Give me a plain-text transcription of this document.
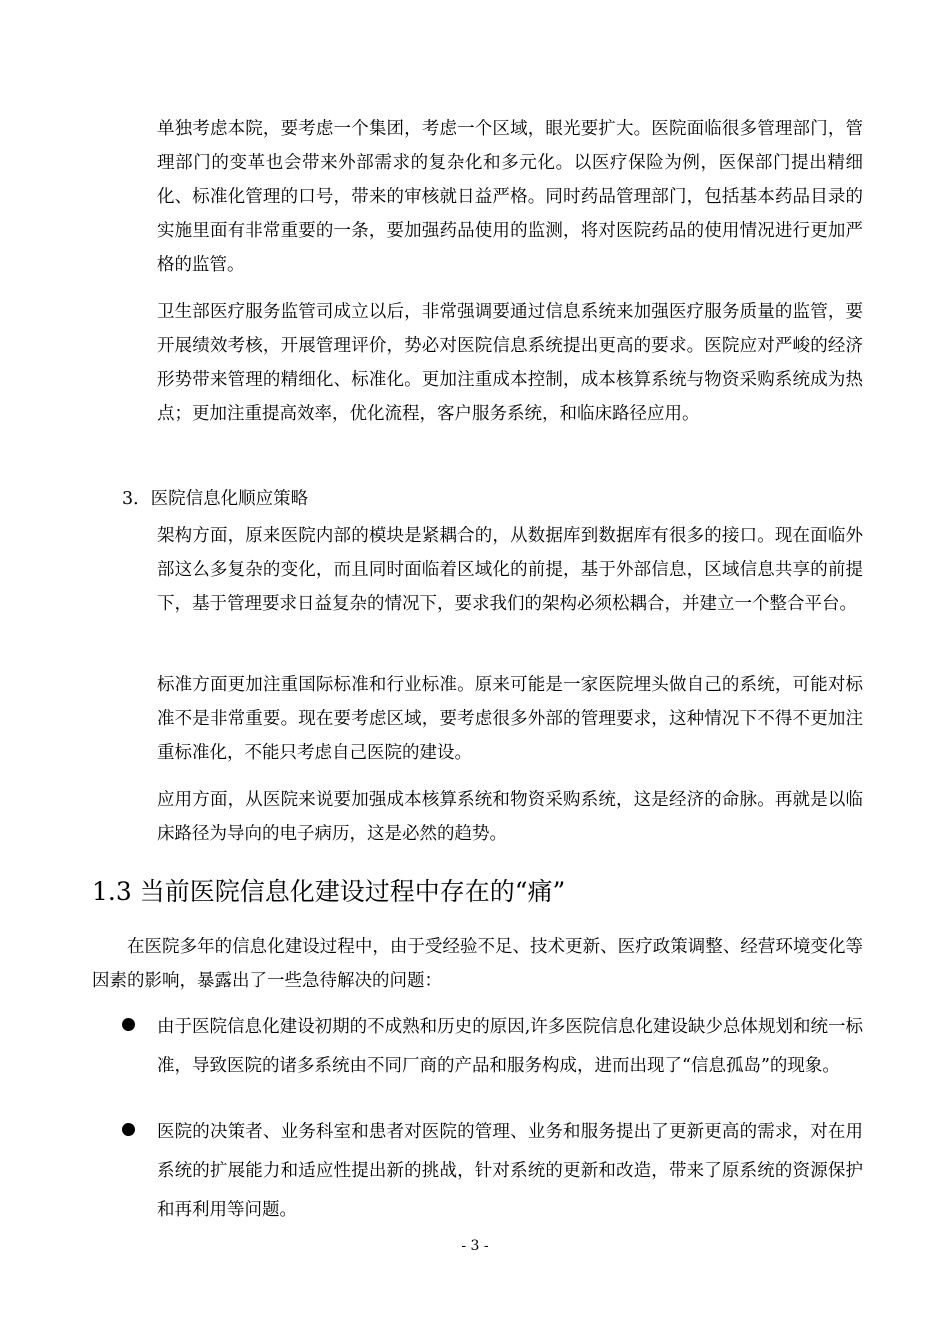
单独考虑本院，要考虑一个集团，考虑一个区域，眼光要扩大。医院面临很多管理部门，管理部门的变革也会带来外部需求的复杂化和多元化。以医疗保险为例，医保部门提出精细化、标准化管理的口号，带来的审核就日益严格。同时药品管理部门，包括基本药品目录的实施里面有非常重要的一条，要加强药品使用的监测，将对医院药品的使用情况进行更加严格的监管。

卫生部医疗服务监管司成立以后，非常强调要通过信息系统来加强医疗服务质量的监管，要开展绩效考核，开展管理评价，势必对医院信息系统提出更高的要求。医院应对严峻的经济形势带来管理的精细化、标准化。更加注重成本控制，成本核算系统与物资采购系统成为热点；更加注重提高效率，优化流程，客户服务系统，和临床路径应用。

3．医院信息化顺应策略

架构方面，原来医院内部的模块是紧耦合的，从数据库到数据库有很多的接口。现在面临外部这么多复杂的变化，而且同时面临着区域化的前提，基于外部信息，区域信息共享的前提下，基于管理要求日益复杂的情况下，要求我们的架构必须松耦合，并建立一个整合平台。

标准方面更加注重国际标准和行业标准。原来可能是一家医院埋头做自己的系统，可能对标准不是非常重要。现在要考虑区域，要考虑很多外部的管理要求，这种情况下不得不更加注重标准化，不能只考虑自己医院的建设。

应用方面，从医院来说要加强成本核算系统和物资采购系统，这是经济的命脉。再就是以临床路径为导向的电子病历，这是必然的趋势。

1.3 当前医院信息化建设过程中存在的“痛”

在医院多年的信息化建设过程中，由于受经验不足、技术更新、医疗政策调整、经营环境变化等因素的影响，暴露出了一些急待解决的问题：

由于医院信息化建设初期的不成熟和历史的原因,许多医院信息化建设缺少总体规划和统一标准，导致医院的诸多系统由不同厂商的产品和服务构成，进而出现了“信息孤岛”的现象。

医院的决策者、业务科室和患者对医院的管理、业务和服务提出了更新更高的需求，对在用系统的扩展能力和适应性提出新的挑战，针对系统的更新和改造，带来了原系统的资源保护和再利用等问题。

- 3 -
